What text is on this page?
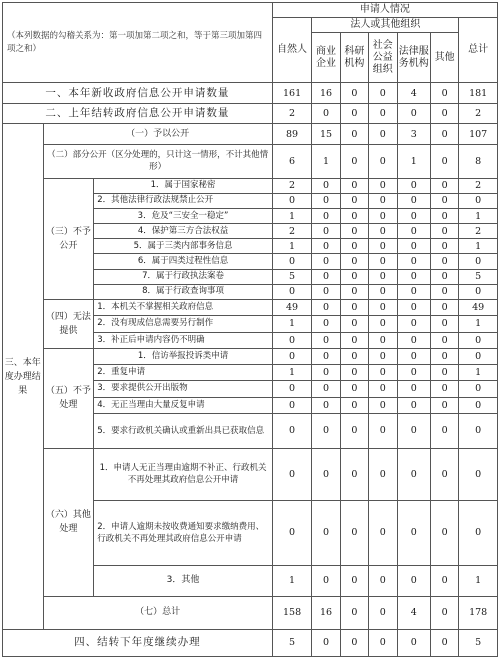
（本列数据的勾稽关系为：第一项加第二项之和，等于第三项加第四项之和）			申请人情况						
			自然人	法人或其他组织					总计
				商业企业	科研机构	社会公益组织	法律服务机构	其他	
一、本年新收政府信息公开申请数量			161	16	0	0	4	0	181
二、上年结转政府信息公开申请数量			2	0	0	0	0	0	2
三、本年度办理结果	（一）予以公开		89	15	0	0	3	0	107
	（二）部分公开（区分处理的，只计这一情形，不计其他情形）		6	1	0	0	1	0	8
	（三）不予公开	1．属于国家秘密	2	0	0	0	0	0	2
		2．其他法律行政法规禁止公开	0	0	0	0	0	0	0
		3．危及“三安全一稳定”	1	0	0	0	0	0	1
		4．保护第三方合法权益	2	0	0	0	0	0	2
		5．属于三类内部事务信息	1	0	0	0	0	0	1
		6．属于四类过程性信息	0	0	0	0	0	0	0
		7．属于行政执法案卷	5	0	0	0	0	0	5
		8．属于行政查询事项	0	0	0	0	0	0	0
	（四）无法提供	1．本机关不掌握相关政府信息	49	0	0	0	0	0	49
		2．没有现成信息需要另行制作	1	0	0	0	0	0	1
		3．补正后申请内容仍不明确	0	0	0	0	0	0	0
	（五）不予处理	1．信访举报投诉类申请	0	0	0	0	0	0	0
		2．重复申请	1	0	0	0	0	0	1
		3．要求提供公开出版物	0	0	0	0	0	0	0
		4．无正当理由大量反复申请	0	0	0	0	0	0	0
		5．要求行政机关确认或重新出具已获取信息	0	0	0	0	0	0	0
	（六）其他处理	1．申请人无正当理由逾期不补正、行政机关不再处理其政府信息公开申请	0	0	0	0	0	0	0
		2．申请人逾期未按收费通知要求缴纳费用、行政机关不再处理其政府信息公开申请	0	0	0	0	0	0	0
		3．其他	1	0	0	0	0	0	1
	（七）总计		158	16	0	0	4	0	178
四、结转下年度继续办理			5	0	0	0	0	0	5
